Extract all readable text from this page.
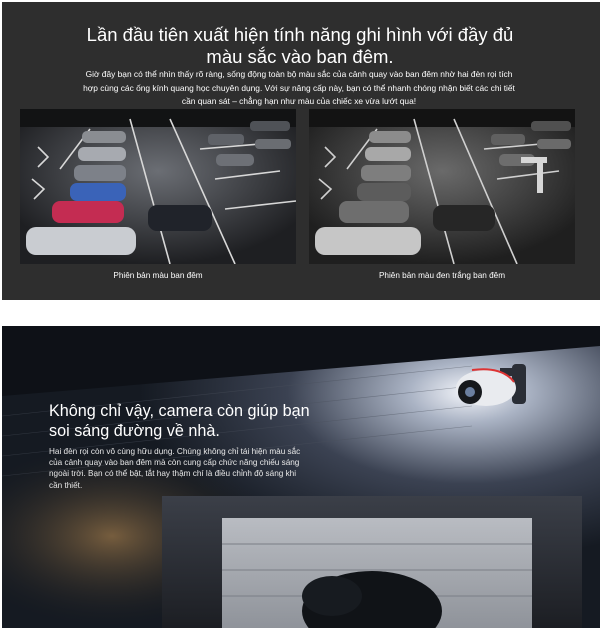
Lần đầu tiên xuất hiện tính năng ghi hình với đầy đủ màu sắc vào ban đêm.

Giờ đây bạn có thể nhìn thấy rõ ràng, sống động toàn bộ màu sắc của cảnh quay vào ban đêm nhờ hai đèn rọi tích hợp cùng các ống kính quang học chuyên dụng. Với sự nâng cấp này, bạn có thể nhanh chóng nhận biết các chi tiết cần quan sát – chẳng hạn như màu của chiếc xe vừa lướt qua!

Phiên bản màu ban đêm	Phiên bản màu đen trắng ban đêm
Không chỉ vậy, camera còn giúp bạn soi sáng đường về nhà.

Hai đèn rọi còn vô cùng hữu dụng. Chúng không chỉ tái hiện màu sắc của cảnh quay vào ban đêm mà còn cung cấp chức năng chiếu sáng ngoài trời. Bạn có thể bật, tắt hay thậm chí là điều chỉnh độ sáng khi cần thiết.
